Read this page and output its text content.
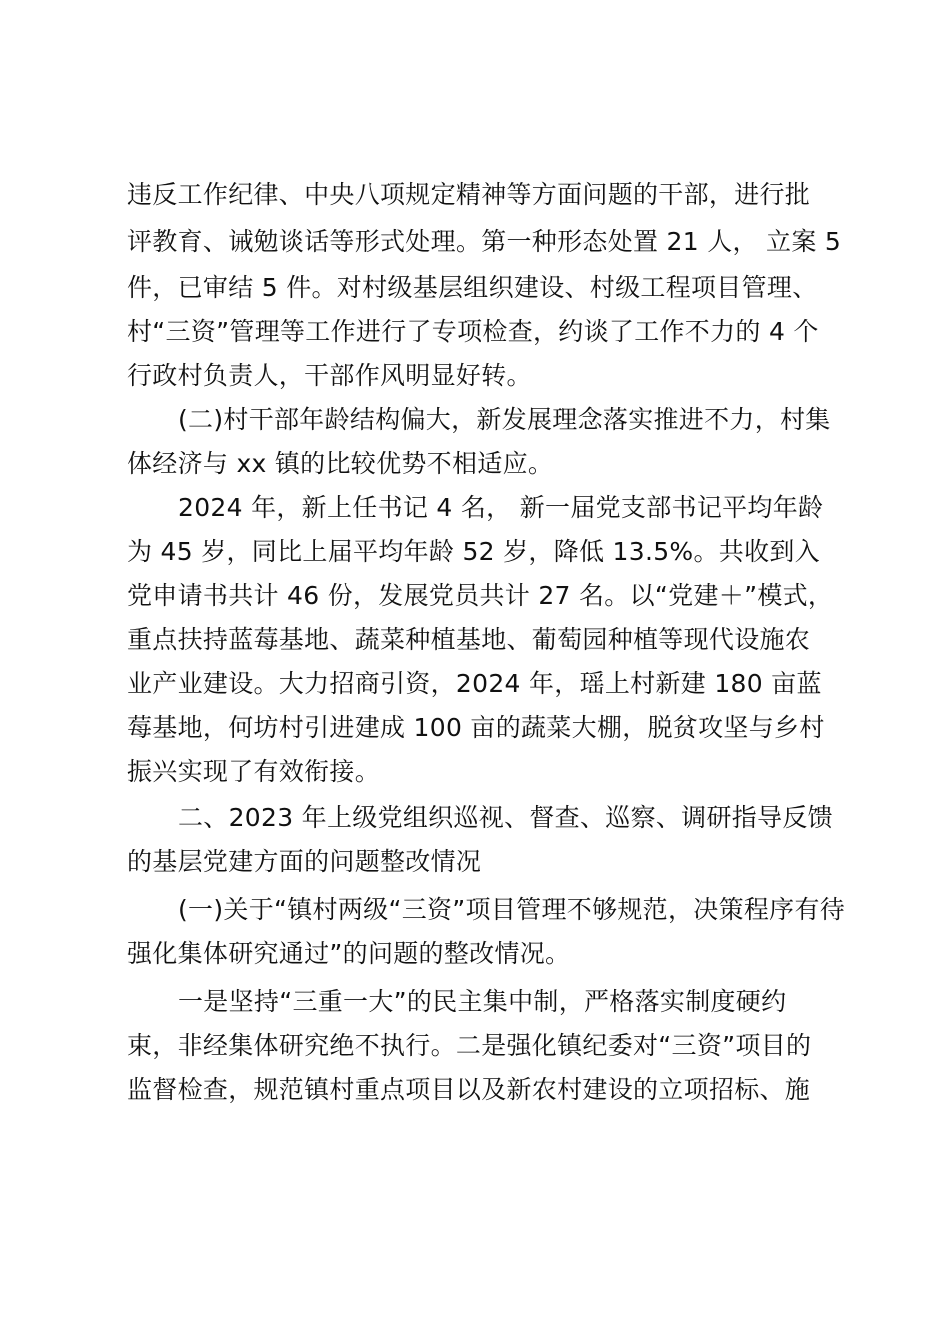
违反工作纪律、中央八项规定精神等方面问题的干部，进行批
评教育、诫勉谈话等形式处理。第一种形态处置 21 人， 立案 5
件，已审结 5 件。对村级基层组织建设、村级工程项目管理、
村“三资”管理等工作进行了专项检查，约谈了工作不力的 4 个
行政村负责人，干部作风明显好转。
(二)村干部年龄结构偏大，新发展理念落实推进不力，村集
体经济与 xx 镇的比较优势不相适应。
2024 年，新上任书记 4 名， 新一届党支部书记平均年龄
为 45 岁，同比上届平均年龄 52 岁，降低 13.5%。共收到入
党申请书共计 46 份，发展党员共计 27 名。以“党建＋”模式，
重点扶持蓝莓基地、蔬菜种植基地、葡萄园种植等现代设施农
业产业建设。大力招商引资，2024 年，瑶上村新建 180 亩蓝
莓基地，何坊村引进建成 100 亩的蔬菜大棚，脱贫攻坚与乡村
振兴实现了有效衔接。
二、2023 年上级党组织巡视、督查、巡察、调研指导反馈
的基层党建方面的问题整改情况
(一)关于“镇村两级“三资”项目管理不够规范，决策程序有待
强化集体研究通过”的问题的整改情况。
一是坚持“三重一大”的民主集中制，严格落实制度硬约
束，非经集体研究绝不执行。二是强化镇纪委对“三资”项目的
监督检查，规范镇村重点项目以及新农村建设的立项招标、施
